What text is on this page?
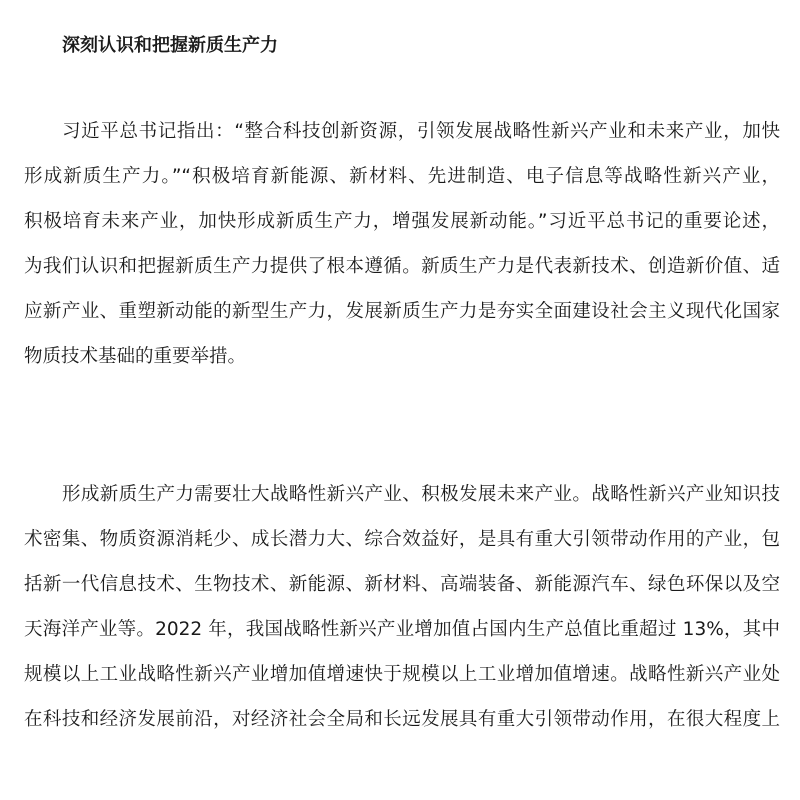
深刻认识和把握新质生产力
习近平总书记指出：“整合科技创新资源，引领发展战略性新兴产业和未来产业，加快
形成新质生产力。”“积极培育新能源、新材料、先进制造、电子信息等战略性新兴产业，
积极培育未来产业，加快形成新质生产力，增强发展新动能。”习近平总书记的重要论述，
为我们认识和把握新质生产力提供了根本遵循。新质生产力是代表新技术、创造新价值、适
应新产业、重塑新动能的新型生产力，发展新质生产力是夯实全面建设社会主义现代化国家
物质技术基础的重要举措。
形成新质生产力需要壮大战略性新兴产业、积极发展未来产业。战略性新兴产业知识技
术密集、物质资源消耗少、成长潜力大、综合效益好，是具有重大引领带动作用的产业，包
括新一代信息技术、生物技术、新能源、新材料、高端装备、新能源汽车、绿色环保以及空
天海洋产业等。2022 年，我国战略性新兴产业增加值占国内生产总值比重超过 13%，其中
规模以上工业战略性新兴产业增加值增速快于规模以上工业增加值增速。战略性新兴产业处
在科技和经济发展前沿，对经济社会全局和长远发展具有重大引领带动作用，在很大程度上
